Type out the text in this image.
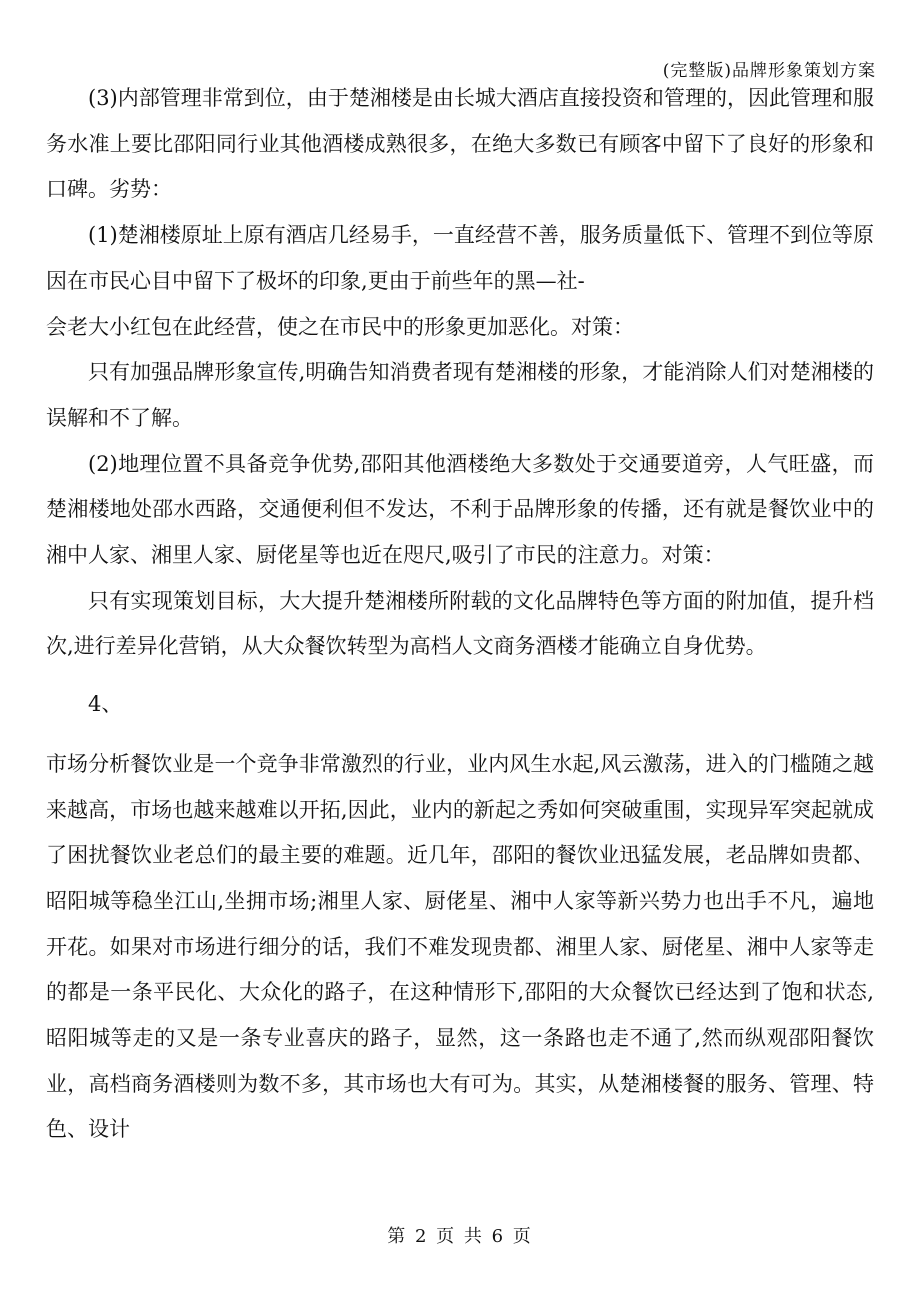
(完整版)品牌形象策划方案

(3)内部管理非常到位，由于楚湘楼是由长城大酒店直接投资和管理的，因此管理和服务水准上要比邵阳同行业其他酒楼成熟很多，在绝大多数已有顾客中留下了良好的形象和口碑。劣势：

(1)楚湘楼原址上原有酒店几经易手，一直经营不善，服务质量低下、管理不到位等原因在市民心目中留下了极坏的印象,更由于前些年的黑—社-

会老大小红包在此经营，使之在市民中的形象更加恶化。对策：

只有加强品牌形象宣传,明确告知消费者现有楚湘楼的形象，才能消除人们对楚湘楼的误解和不了解。

(2)地理位置不具备竞争优势,邵阳其他酒楼绝大多数处于交通要道旁，人气旺盛，而楚湘楼地处邵水西路，交通便利但不发达，不利于品牌形象的传播，还有就是餐饮业中的湘中人家、湘里人家、厨佬星等也近在咫尺,吸引了市民的注意力。对策：

只有实现策划目标，大大提升楚湘楼所附载的文化品牌特色等方面的附加值，提升档次,进行差异化营销，从大众餐饮转型为高档人文商务酒楼才能确立自身优势。

4、

市场分析餐饮业是一个竞争非常激烈的行业，业内风生水起,风云激荡，进入的门槛随之越来越高，市场也越来越难以开拓,因此，业内的新起之秀如何突破重围，实现异军突起就成了困扰餐饮业老总们的最主要的难题。近几年，邵阳的餐饮业迅猛发展，老品牌如贵都、昭阳城等稳坐江山,坐拥市场;湘里人家、厨佬星、湘中人家等新兴势力也出手不凡，遍地开花。如果对市场进行细分的话，我们不难发现贵都、湘里人家、厨佬星、湘中人家等走的都是一条平民化、大众化的路子，在这种情形下,邵阳的大众餐饮已经达到了饱和状态,昭阳城等走的又是一条专业喜庆的路子，显然，这一条路也走不通了,然而纵观邵阳餐饮业，高档商务酒楼则为数不多，其市场也大有可为。其实，从楚湘楼餐的服务、管理、特色、设计

第 2 页 共 6 页
